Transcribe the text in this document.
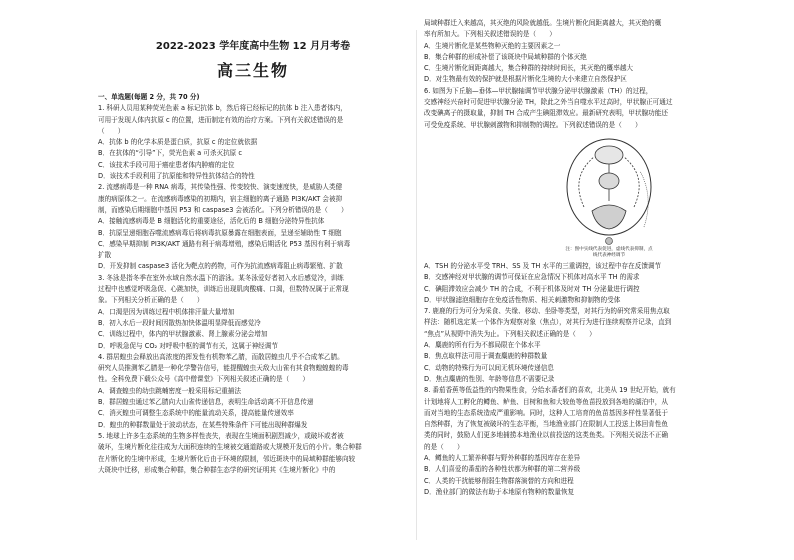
2022-2023 学年度高中生物 12 月月考卷
高三生物

一、单选题(每题 2 分，共 70 分)

1. 科研人员用某种荧光色素 a 标记抗体 b，然后将已经标记的抗体 b 注入患者体内，

可用于发现人体内抗原 c 的位置，进而制定有效的治疗方案。下列有关叙述错误的是

（　　）

A．抗体 b 的化学本质是蛋白质，抗原 c 的定位就依据

B．在抗体的“引导”下，荧光色素 a 可杀灭抗原 c

C．该技术手段可用于癌症患者体内肿瘤的定位

D．该技术手段利用了抗原能和特异性抗体结合的特性

2. 流感病毒是一种 RNA 病毒，其传染性强、传变较快、演变速度快，是威胁人类健

康的病原体之一。在流感病毒感染的初期内，宿主细胞的离子通路 PI3K/AKT 会被抑

制，而感染后期细胞中基因 P53 和 caspase3 会被活化。下列分析错误的是（　　）

A．接触流感病毒是 B 细胞活化的重要途径，活化后的 B 细胞分泌特异性抗体

B．抗原呈递细胞吞噬流感病毒后将病毒抗原暴露在细胞表面，呈递至辅助性 T 细胞

C．感染早期抑制 PI3K/AKT 通路有利于病毒增殖，感染后期活化 P53 基因有利于病毒

扩散

D．开发抑制 caspase3 活化为靶点的药物，可作为抗流感病毒阻止病毒繁殖、扩散

3. 冬泳是指冬季在室外水域自然水温下的游泳。某冬泳爱好者初入水后感觉冷，训练

过程中也感觉呼吸急促、心跳加快，训练后出现肌肉酸痛、口渴，但数特况属于正常现

象。下列相关分析正确的是（　　）

A．口渴是因为训练过程中机体排汗量大量增加

B．初入水后一段时间因散热加快体温明显降低而感觉冷

C．训练过程中，体内的甲状腺激素、肾上腺素分泌会增加

D．呼吸急促与 CO₂ 对呼吸中枢的调节有关，这属于神经调节

4. 群居蝗虫会释放出高浓度的挥发性有机物苯乙腈，而散居蝗虫几乎不合成苯乙腈。

研究人员推测苯乙腈是一种化学警告信号，能提醒蝗虫天敌大山雀有其食物蝗蝗蝗的毒

性。全科免费下载公众号《高中僧课堂》下列相关叙述正确的是（　　）

A．调查蝗虫的幼虫跳蝻密度一般采用标记重捕法

B．群居蝗虫通过苯乙腈向大山雀传递信息，表明生命活动离不开信息传递

C．消灭蝗虫可调整生态系统中的能量流动关系，提高能量传递效率

D．蝗虫的种群数量处于波动状态，在某些特殊条件下可能出现种群爆发

5. 地球上许多生态系统的生物多样性丧失，表现在生境面积剧烈减少，或破坏或者被

破坏，生境片断化往往成为大面积连续的生境被交通道路或大规模开发后的小片。集合种群

在片断化的生境中形成，生境片断化后由于环境的限制，邻近斑块中的局域种群能够向较

大斑块中迁移，形成集合种群，集合种群生态学的研究证明其《生境片断化》中的

局域种群迁入来越高，其灭绝的风险就越低。生境片断化间距离越大，其灭绝的概

率有所加大。下列相关叙述错误的是（　　）

A．生境片断化是某些物种灭绝的主要因素之一

B．集合种群的形成补偿了该斑块中局域种群的个体灭绝

C．生境片断化间距离越大，集合种群的持续时间长，其灭绝的概率越大

D．对生物最有效的保护就是根据片断化生境的大小来建立自然保护区

6. 如图为下丘脑—垂体—甲状腺轴调节甲状腺分泌甲状腺激素（TH）的过程，

交感神经兴奋时可促进甲状腺分泌 TH，除此之外当自噬水平过高时，甲状腺正可通过

改变碘离子的摄取量，抑制 TH 合成产生碘阻滞效应。最新研究表明，甲状腺功能还

可受免疫系统、甲状腺刺激物和抑制物的调控。下列叙述错误的是（　　）

注：图中实线代表促进，虚线代表抑制，点
线代表神经调节

A．TSH 的分泌水平受 TRH、SS 及 TH 水平的三重调控，该过程中存在反馈调节

B．交感神经对甲状腺的调节可保证在应急情况下机体对高水平 TH 的需求

C．碘阻滞效应会减少 TH 的合成，不利于机体及时对 TH 分泌量进行调控

D．甲状腺滤泡细胞存在免疫活性物质、相关刺激物和抑制物的受体

7. 鹿鹿的行为可分为采食、失缘、移动、坐卧等类型，对其行为的研究常采用焦点取

样法：随机选定某一个体作为观察对象（焦点），对其行为进行连续观察并记录，直到

“焦点”从视野中消失为止。下列相关叙述正确的是（　　）

A．麋鹿的所有行为不都局限在个体水平

B．焦点取样法可用于调查麋鹿的种群数量

C．动物的特殊行为可以间无机环境传递信息

D．焦点麋鹿的性别、年龄等信息不需要记录

8. 番茄香蕉等低益性的内物果性食，分给水番者们的喜欢，北美从 19 世纪开始，就有

计划地将人工孵化的鳟鱼、鲈鱼、目树和鱼和大较鱼等鱼苗投放到各地的湖泊中，从

而对当地的生态系统造成严重影响。同时，这种人工培育的鱼苗基因多样性显著低于

自然种群，为了恢复被破坏的生态平衡，当地渔业部门在限制人工投送上体回肯性鱼

类的同时，鼓励人们更多地捕捞本地渔业以前投送的这类鱼类。下列相关说法不正确

的是（　　）

A．鳟鱼的人工繁养种群与野外种群的基因库存在差异

B．人们喜爱的番茄的各种性状都为种群的第二营养级

C．人类的干扰能够削弱生物群落演替的方向和进程

D．渔业部门的做法有助于本地原有物种的数量恢复
